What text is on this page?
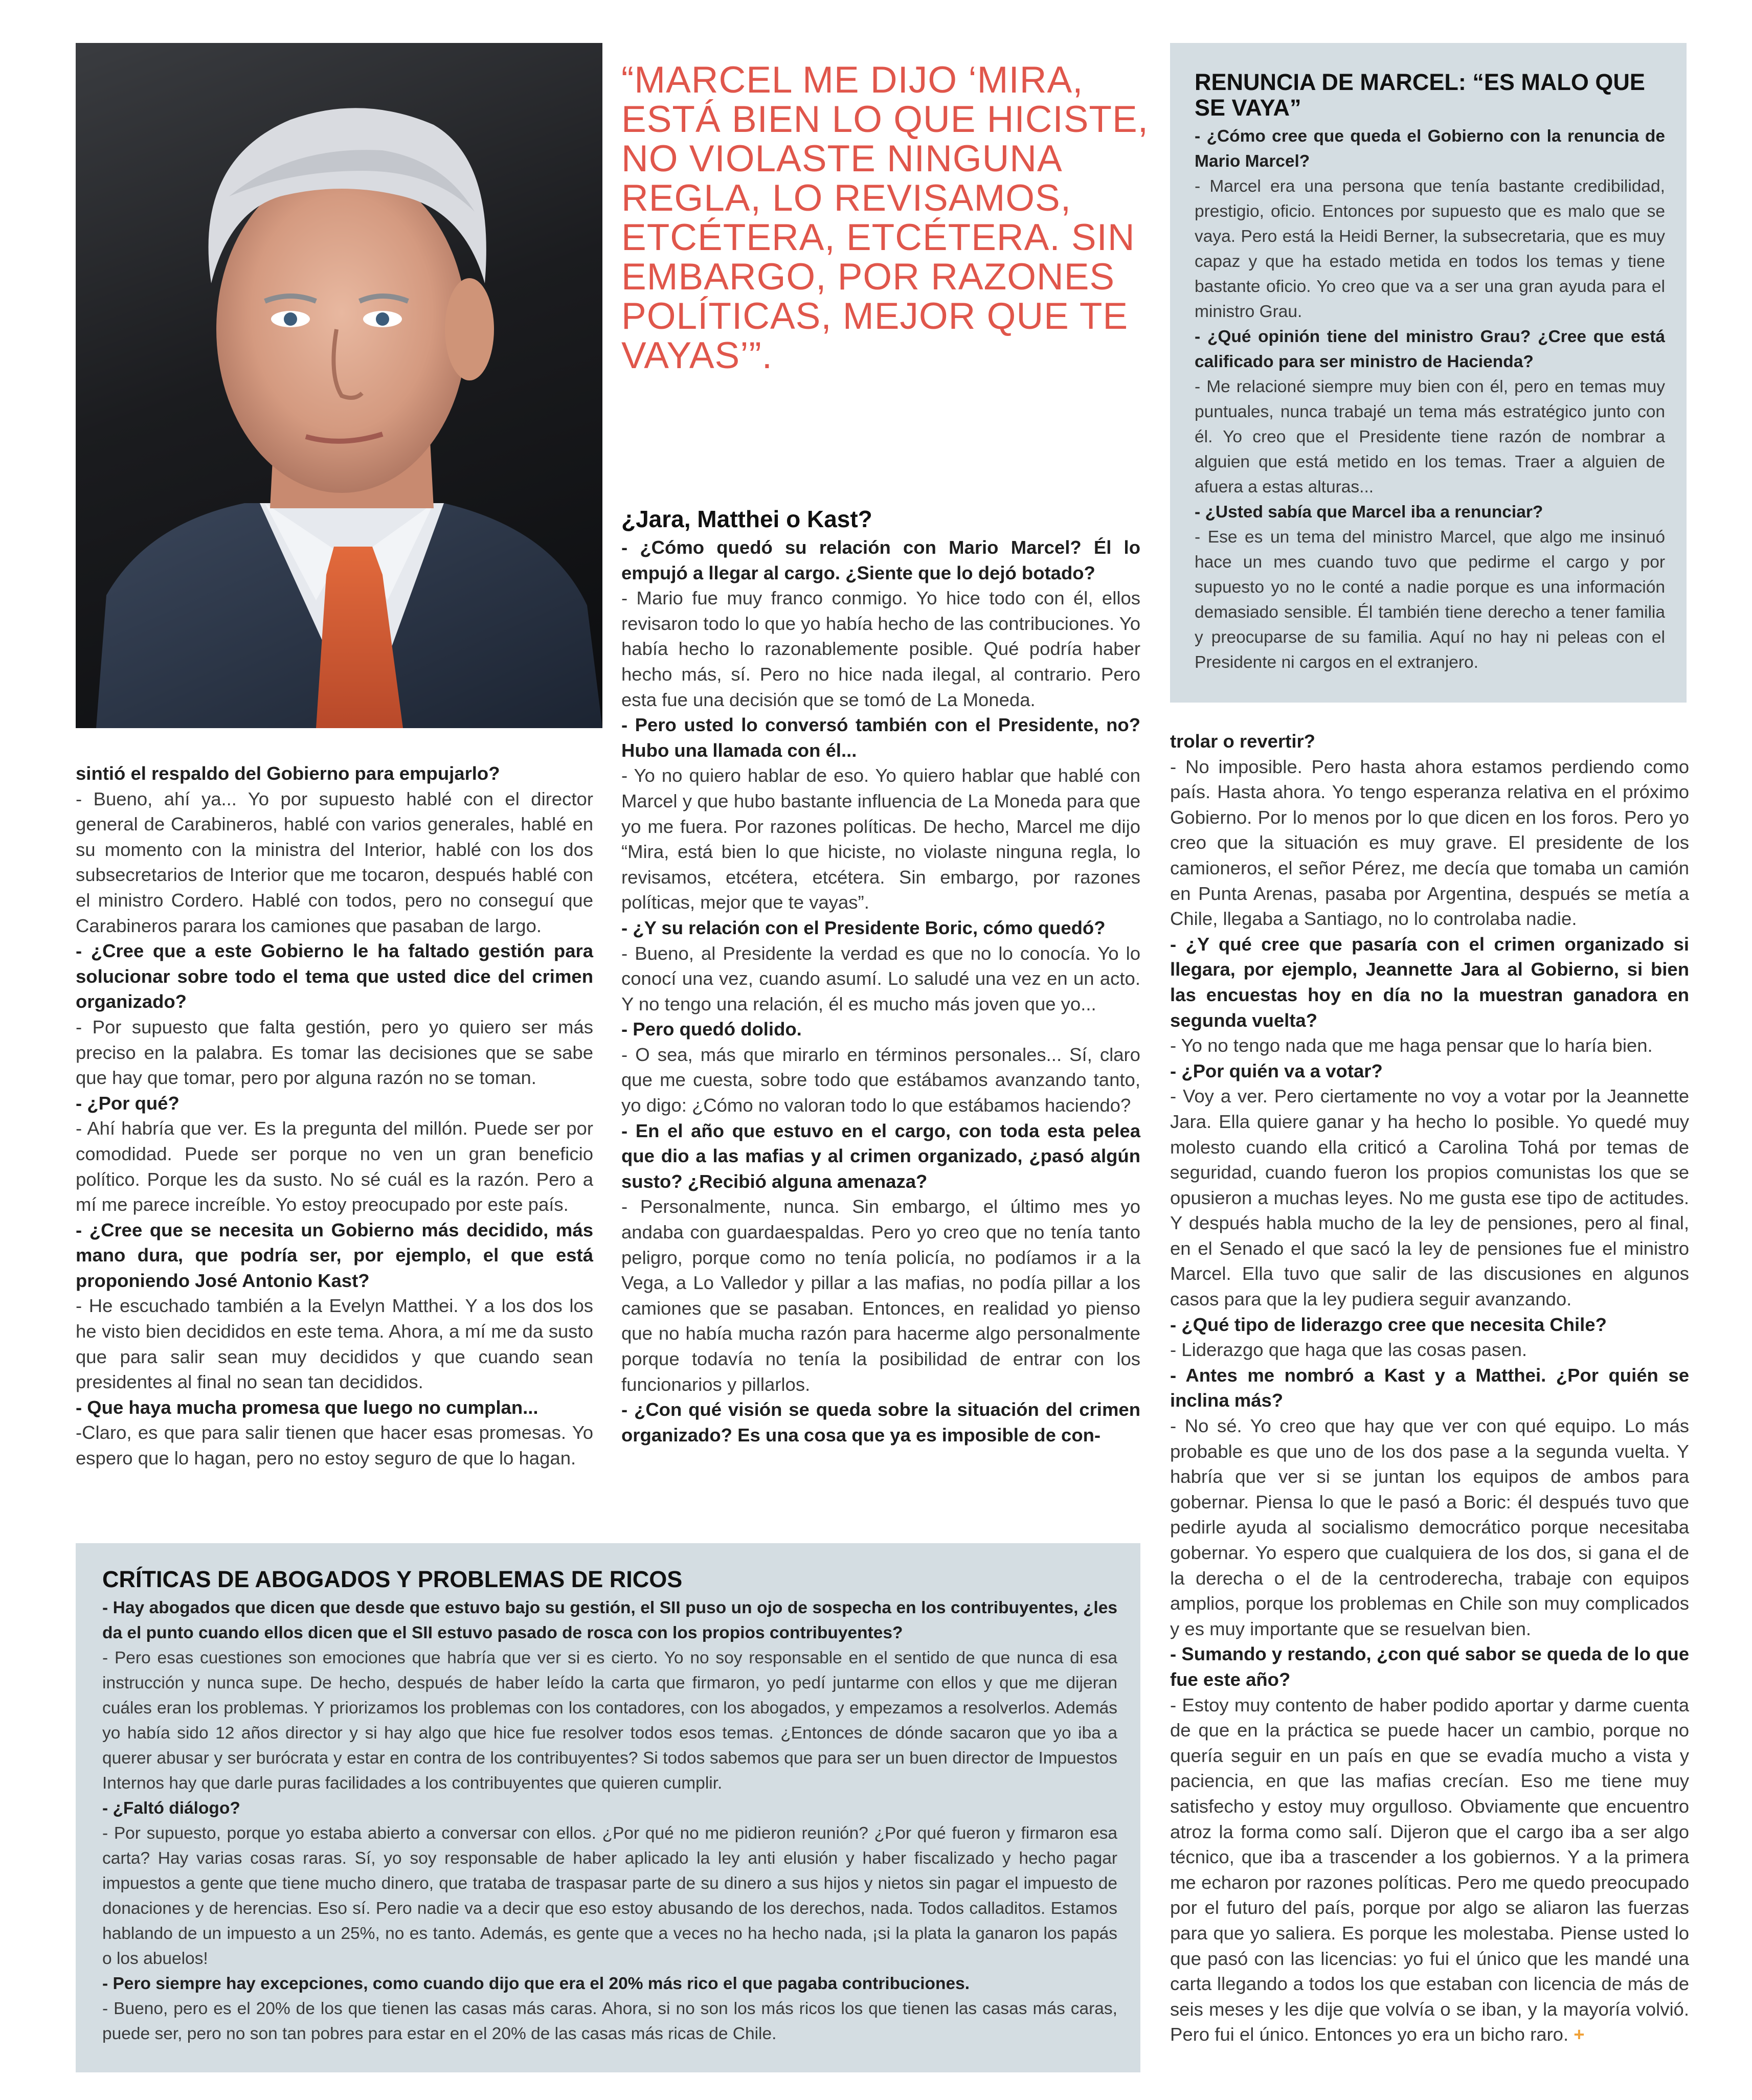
“MARCEL ME DIJO ‘MIRA, ESTÁ BIEN LO QUE HICISTE, NO VIOLASTE NINGUNA REGLA, LO REVISAMOS, ETCÉTERA, ETCÉTERA. SIN EMBARGO, POR RAZONES POLÍTICAS, MEJOR QUE TE VAYAS’”.

sintió el respaldo del Gobierno para empujarlo?

- Bueno, ahí ya... Yo por supuesto hablé con el director general de Carabineros, hablé con varios generales, hablé en su momento con la ministra del Interior, hablé con los dos subsecretarios de Interior que me tocaron, después hablé con el ministro Cordero. Hablé con todos, pero no conseguí que Carabineros parara los camiones que pasaban de largo.

- ¿Cree que a este Gobierno le ha faltado gestión para solucionar sobre todo el tema que usted dice del crimen organizado?

- Por supuesto que falta gestión, pero yo quiero ser más preciso en la palabra. Es tomar las decisiones que se sabe que hay que tomar, pero por alguna razón no se toman.

- ¿Por qué?

- Ahí habría que ver. Es la pregunta del millón. Puede ser por comodidad. Puede ser porque no ven un gran beneficio político. Porque les da susto. No sé cuál es la razón. Pero a mí me parece increíble. Yo estoy preocupado por este país.

- ¿Cree que se necesita un Gobierno más decidido, más mano dura, que podría ser, por ejemplo, el que está proponiendo José Antonio Kast?

- He escuchado también a la Evelyn Matthei. Y a los dos los he visto bien decididos en este tema. Ahora, a mí me da susto que para salir sean muy decididos y que cuando sean presidentes al final no sean tan decididos.

- Que haya mucha promesa que luego no cumplan...

-Claro, es que para salir tienen que hacer esas promesas. Yo espero que lo hagan, pero no estoy seguro de que lo hagan.

¿Jara, Matthei o Kast?

- ¿Cómo quedó su relación con Mario Marcel? Él lo empujó a llegar al cargo. ¿Siente que lo dejó botado?

- Mario fue muy franco conmigo. Yo hice todo con él, ellos revisaron todo lo que yo había hecho de las contribuciones. Yo había hecho lo razonablemente posible. Qué podría haber hecho más, sí. Pero no hice nada ilegal, al contrario. Pero esta fue una decisión que se tomó de La Moneda.

- Pero usted lo conversó también con el Presidente, no? Hubo una llamada con él...

- Yo no quiero hablar de eso. Yo quiero hablar que hablé con Marcel y que hubo bastante influencia de La Moneda para que yo me fuera. Por razones políticas. De hecho, Marcel me dijo “Mira, está bien lo que hiciste, no violaste ninguna regla, lo revisamos, etcétera, etcétera. Sin embargo, por razones políticas, mejor que te vayas”.

- ¿Y su relación con el Presidente Boric, cómo quedó?

- Bueno, al Presidente la verdad es que no lo conocía. Yo lo conocí una vez, cuando asumí. Lo saludé una vez en un acto. Y no tengo una relación, él es mucho más joven que yo...

- Pero quedó dolido.

- O sea, más que mirarlo en términos personales... Sí, claro que me cuesta, sobre todo que estábamos avanzando tanto, yo digo: ¿Cómo no valoran todo lo que estábamos haciendo?

- En el año que estuvo en el cargo, con toda esta pelea que dio a las mafias y al crimen organizado, ¿pasó algún susto? ¿Recibió alguna amenaza?

- Personalmente, nunca. Sin embargo, el último mes yo andaba con guardaespaldas. Pero yo creo que no tenía tanto peligro, porque como no tenía policía, no podíamos ir a la Vega, a Lo Valledor y pillar a las mafias, no podía pillar a los camiones que se pasaban. Entonces, en realidad yo pienso que no había mucha razón para hacerme algo personalmente porque todavía no tenía la posibilidad de entrar con los funcionarios y pillarlos.

- ¿Con qué visión se queda sobre la situación del crimen organizado? Es una cosa que ya es imposible de con-

trolar o revertir?

- No imposible. Pero hasta ahora estamos perdiendo como país. Hasta ahora. Yo tengo esperanza relativa en el próximo Gobierno. Por lo menos por lo que dicen en los foros. Pero yo creo que la situación es muy grave. El presidente de los camioneros, el señor Pérez, me decía que tomaba un camión en Punta Arenas, pasaba por Argentina, después se metía a Chile, llegaba a Santiago, no lo controlaba nadie.

- ¿Y qué cree que pasaría con el crimen organizado si llegara, por ejemplo, Jeannette Jara al Gobierno, si bien las encuestas hoy en día no la muestran ganadora en segunda vuelta?

- Yo no tengo nada que me haga pensar que lo haría bien.

- ¿Por quién va a votar?

- Voy a ver. Pero ciertamente no voy a votar por la Jeannette Jara. Ella quiere ganar y ha hecho lo posible. Yo quedé muy molesto cuando ella criticó a Carolina Tohá por temas de seguridad, cuando fueron los propios comunistas los que se opusieron a muchas leyes. No me gusta ese tipo de actitudes. Y después habla mucho de la ley de pensiones, pero al final, en el Senado el que sacó la ley de pensiones fue el ministro Marcel. Ella tuvo que salir de las discusiones en algunos casos para que la ley pudiera seguir avanzando.

- ¿Qué tipo de liderazgo cree que necesita Chile?

- Liderazgo que haga que las cosas pasen.

- Antes me nombró a Kast y a Matthei. ¿Por quién se inclina más?

- No sé. Yo creo que hay que ver con qué equipo. Lo más probable es que uno de los dos pase a la segunda vuelta. Y habría que ver si se juntan los equipos de ambos para gobernar. Piensa lo que le pasó a Boric: él después tuvo que pedirle ayuda al socialismo democrático porque necesitaba gobernar. Yo espero que cualquiera de los dos, si gana el de la derecha o el de la centroderecha, trabaje con equipos amplios, porque los problemas en Chile son muy complicados y es muy importante que se resuelvan bien.

- Sumando y restando, ¿con qué sabor se queda de lo que fue este año?

- Estoy muy contento de haber podido aportar y darme cuenta de que en la práctica se puede hacer un cambio, porque no quería seguir en un país en que se evadía mucho a vista y paciencia, en que las mafias crecían. Eso me tiene muy satisfecho y estoy muy orgulloso. Obviamente que encuentro atroz la forma como salí. Dijeron que el cargo iba a ser algo técnico, que iba a trascender a los gobiernos. Y a la primera me echaron por razones políticas. Pero me quedo preocupado por el futuro del país, porque por algo se aliaron las fuerzas para que yo saliera. Es porque les molestaba. Piense usted lo que pasó con las licencias: yo fui el único que les mandé una carta llegando a todos los que estaban con licencia de más de seis meses y les dije que volvía o se iban, y la mayoría volvió. Pero fui el único. Entonces yo era un bicho raro. +

RENUNCIA DE MARCEL: “ES MALO QUE SE VAYA”

- ¿Cómo cree que queda el Gobierno con la renuncia de Mario Marcel?

- Marcel era una persona que tenía bastante credibilidad, prestigio, oficio. Entonces por supuesto que es malo que se vaya. Pero está la Heidi Berner, la subsecretaria, que es muy capaz y que ha estado metida en todos los temas y tiene bastante oficio. Yo creo que va a ser una gran ayuda para el ministro Grau.

- ¿Qué opinión tiene del ministro Grau? ¿Cree que está calificado para ser ministro de Hacienda?

- Me relacioné siempre muy bien con él, pero en temas muy puntuales, nunca trabajé un tema más estratégico junto con él. Yo creo que el Presidente tiene razón de nombrar a alguien que está metido en los temas. Traer a alguien de afuera a estas alturas...

- ¿Usted sabía que Marcel iba a renunciar?

- Ese es un tema del ministro Marcel, que algo me insinuó hace un mes cuando tuvo que pedirme el cargo y por supuesto yo no le conté a nadie porque es una información demasiado sensible. Él también tiene derecho a tener familia y preocuparse de su familia. Aquí no hay ni peleas con el Presidente ni cargos en el extranjero.

CRÍTICAS DE ABOGADOS Y PROBLEMAS DE RICOS

- Hay abogados que dicen que desde que estuvo bajo su gestión, el SII puso un ojo de sospecha en los contribuyentes, ¿les da el punto cuando ellos dicen que el SII estuvo pasado de rosca con los propios contribuyentes?

- Pero esas cuestiones son emociones que habría que ver si es cierto. Yo no soy responsable en el sentido de que nunca di esa instrucción y nunca supe. De hecho, después de haber leído la carta que firmaron, yo pedí juntarme con ellos y que me dijeran cuáles eran los problemas. Y priorizamos los problemas con los contadores, con los abogados, y empezamos a resolverlos. Además yo había sido 12 años director y si hay algo que hice fue resolver todos esos temas. ¿Entonces de dónde sacaron que yo iba a querer abusar y ser burócrata y estar en contra de los contribuyentes? Si todos sabemos que para ser un buen director de Impuestos Internos hay que darle puras facilidades a los contribuyentes que quieren cumplir.

- ¿Faltó diálogo?

- Por supuesto, porque yo estaba abierto a conversar con ellos. ¿Por qué no me pidieron reunión? ¿Por qué fueron y firmaron esa carta? Hay varias cosas raras. Sí, yo soy responsable de haber aplicado la ley anti elusión y haber fiscalizado y hecho pagar impuestos a gente que tiene mucho dinero, que trataba de traspasar parte de su dinero a sus hijos y nietos sin pagar el impuesto de donaciones y de herencias. Eso sí. Pero nadie va a decir que eso estoy abusando de los derechos, nada. Todos calladitos. Estamos hablando de un impuesto a un 25%, no es tanto. Además, es gente que a veces no ha hecho nada, ¡si la plata la ganaron los papás o los abuelos!

- Pero siempre hay excepciones, como cuando dijo que era el 20% más rico el que pagaba contribuciones.

- Bueno, pero es el 20% de los que tienen las casas más caras. Ahora, si no son los más ricos los que tienen las casas más caras, puede ser, pero no son tan pobres para estar en el 20% de las casas más ricas de Chile.
